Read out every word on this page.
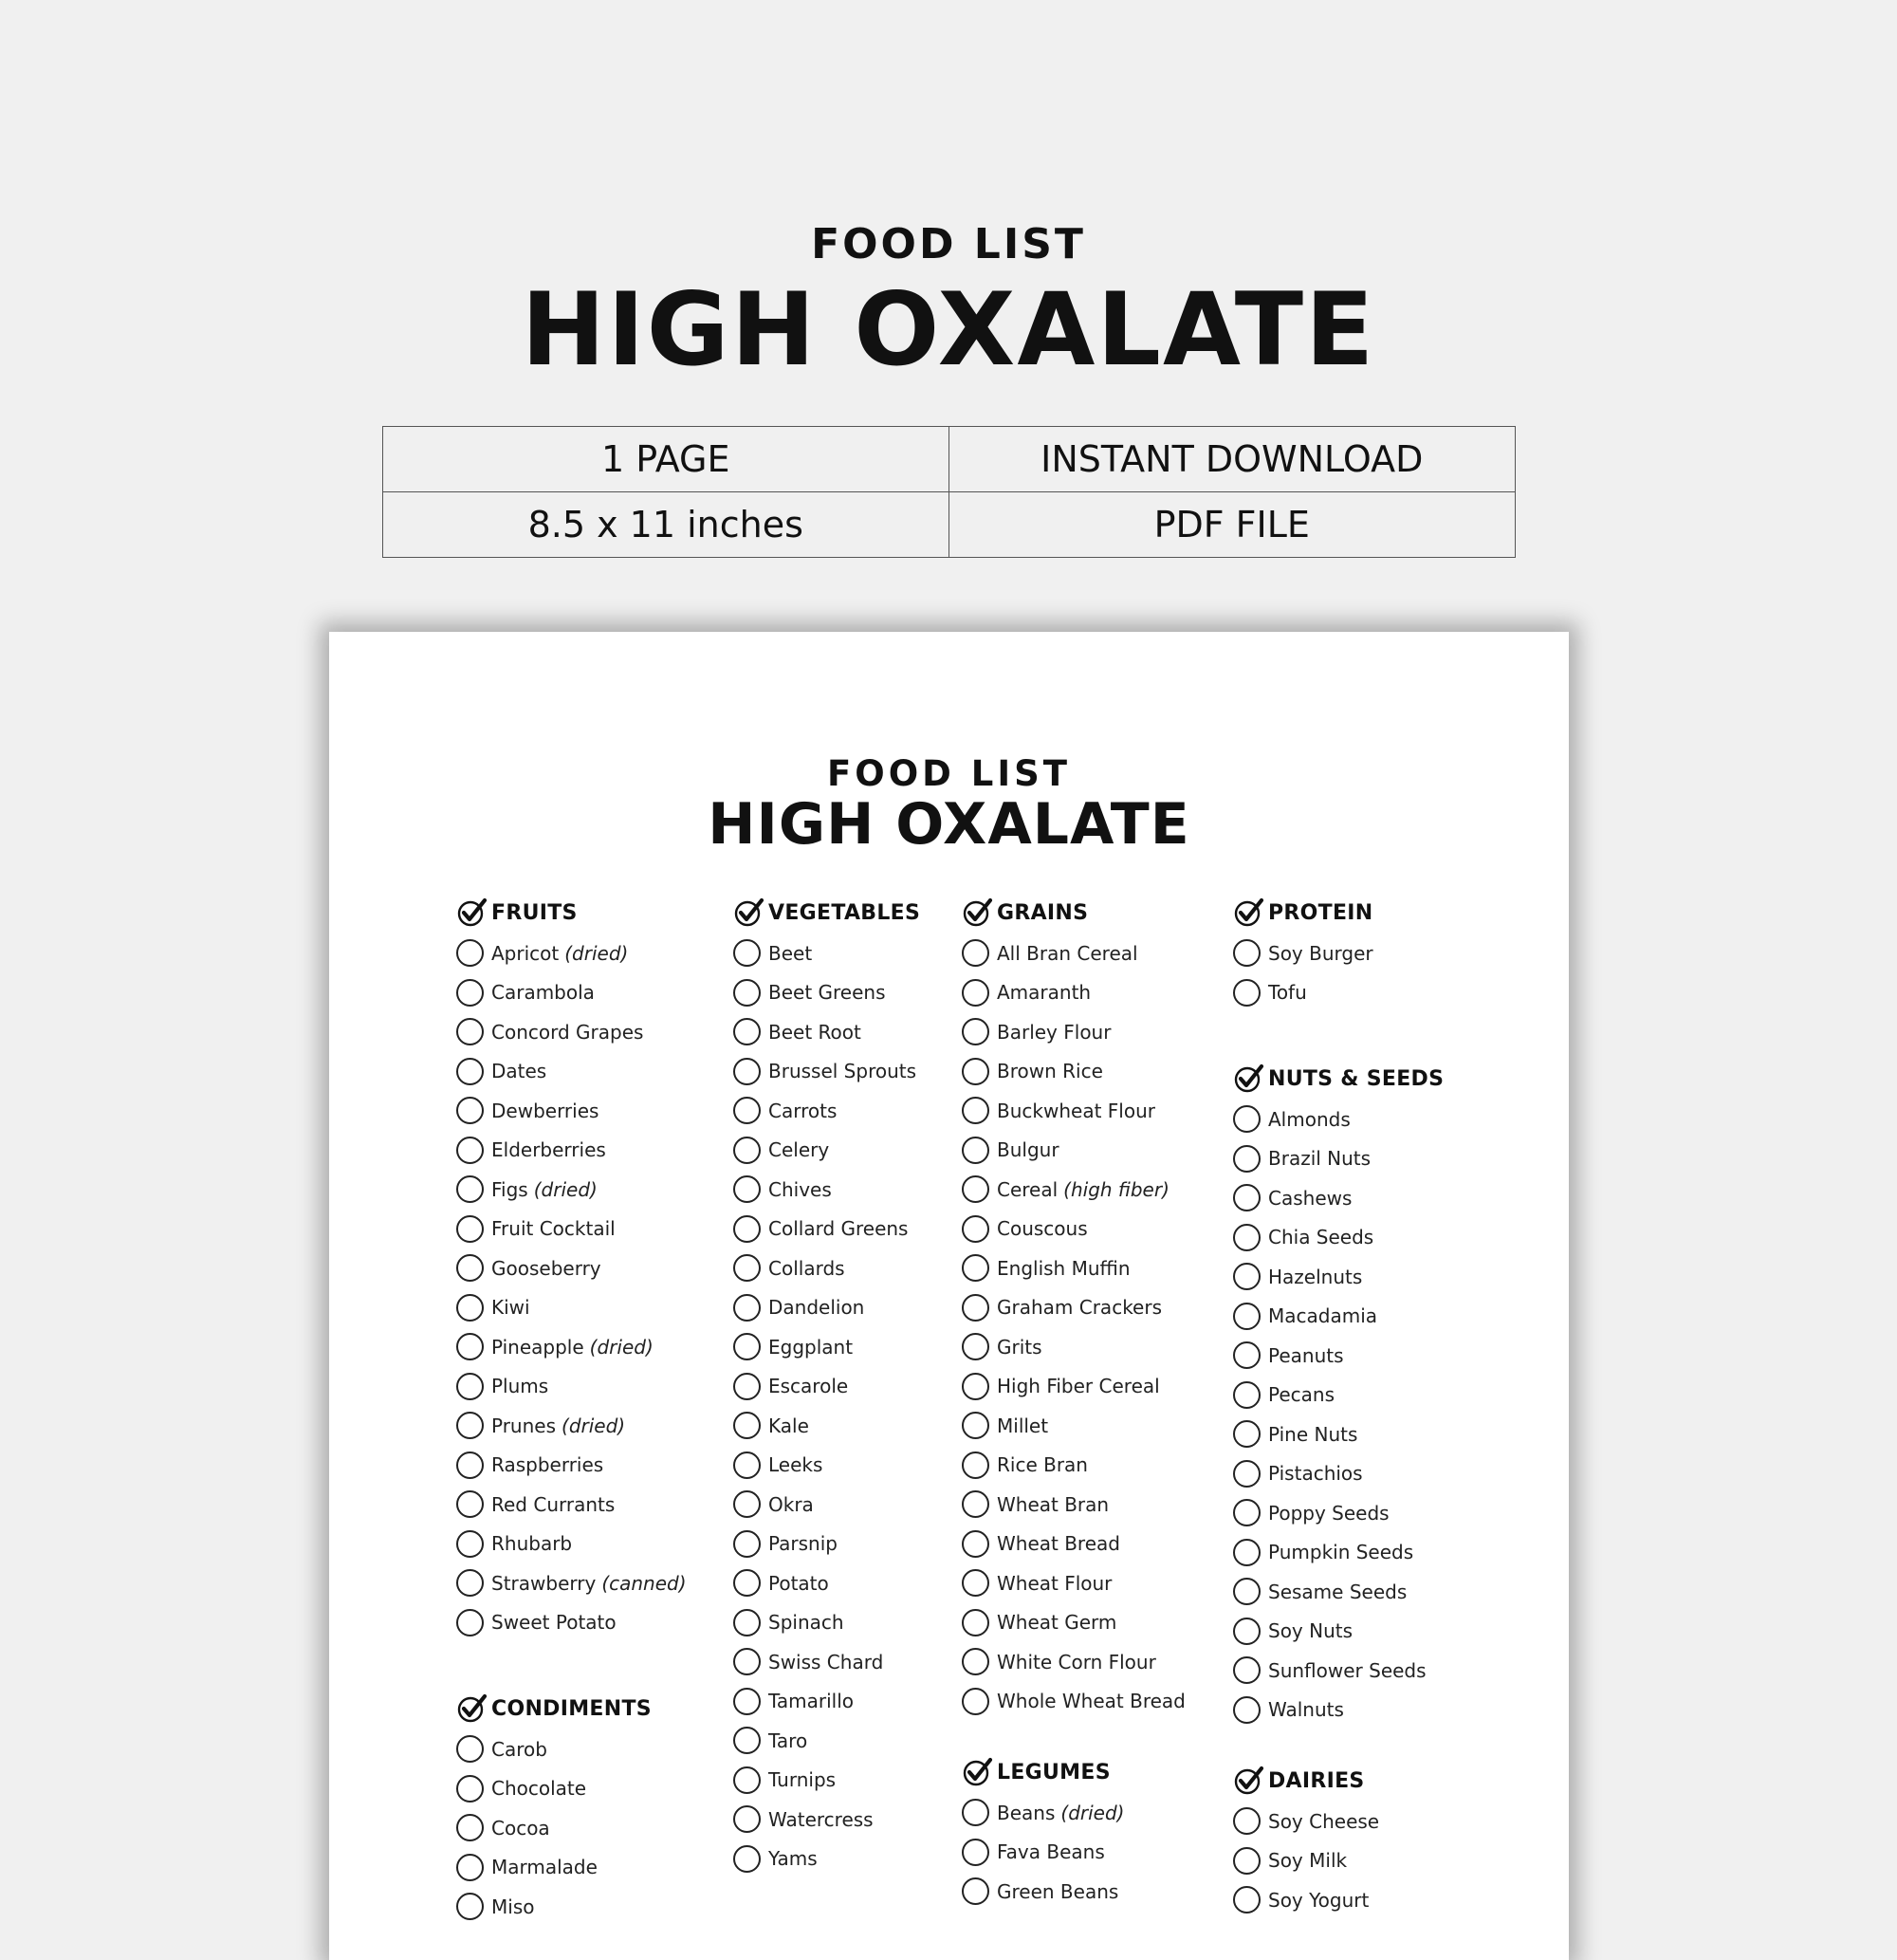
FOOD LIST
HIGH OXALATE
1 PAGE	INSTANT DOWNLOAD
8.5 x 11 inches	PDF FILE
FOOD LIST
HIGH OXALATE
FRUITS
Apricot (dried)
Carambola
Concord Grapes
Dates
Dewberries
Elderberries
Figs (dried)
Fruit Cocktail
Gooseberry
Kiwi
Pineapple (dried)
Plums
Prunes (dried)
Raspberries
Red Currants
Rhubarb
Strawberry (canned)
Sweet Potato
CONDIMENTS
Carob
Chocolate
Cocoa
Marmalade
Miso
VEGETABLES
Beet
Beet Greens
Beet Root
Brussel Sprouts
Carrots
Celery
Chives
Collard Greens
Collards
Dandelion
Eggplant
Escarole
Kale
Leeks
Okra
Parsnip
Potato
Spinach
Swiss Chard
Tamarillo
Taro
Turnips
Watercress
Yams
GRAINS
All Bran Cereal
Amaranth
Barley Flour
Brown Rice
Buckwheat Flour
Bulgur
Cereal (high fiber)
Couscous
English Muffin
Graham Crackers
Grits
High Fiber Cereal
Millet
Rice Bran
Wheat Bran
Wheat Bread
Wheat Flour
Wheat Germ
White Corn Flour
Whole Wheat Bread
LEGUMES
Beans (dried)
Fava Beans
Green Beans
PROTEIN
Soy Burger
Tofu
NUTS & SEEDS
Almonds
Brazil Nuts
Cashews
Chia Seeds
Hazelnuts
Macadamia
Peanuts
Pecans
Pine Nuts
Pistachios
Poppy Seeds
Pumpkin Seeds
Sesame Seeds
Soy Nuts
Sunflower Seeds
Walnuts
DAIRIES
Soy Cheese
Soy Milk
Soy Yogurt
